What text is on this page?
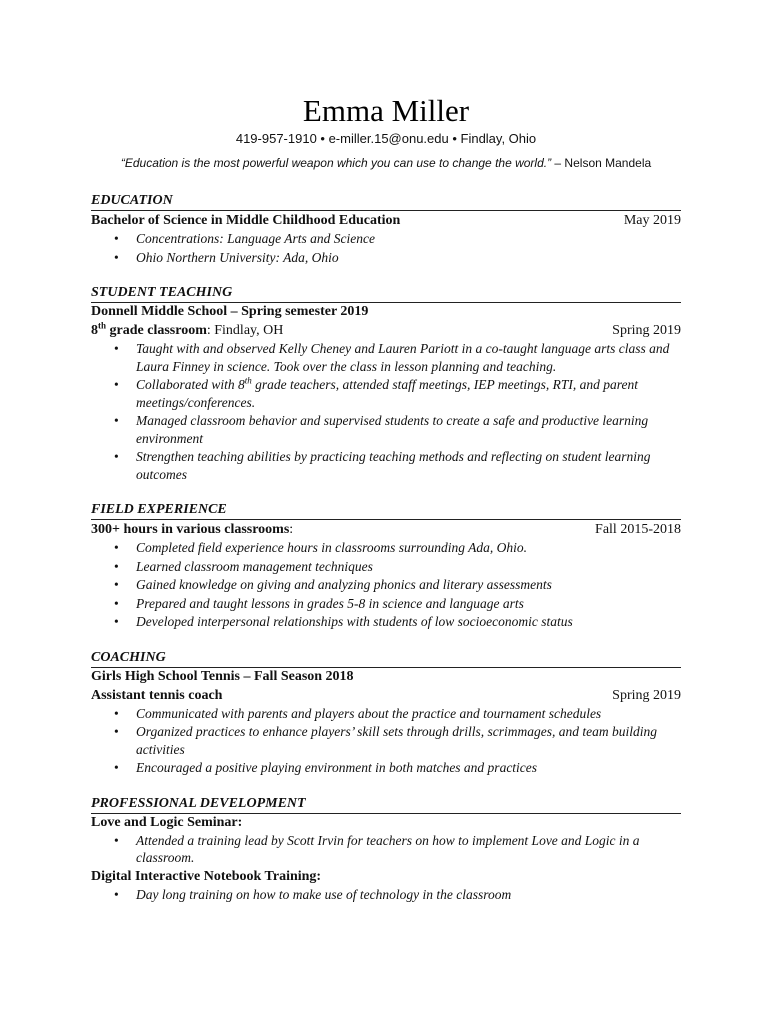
Emma Miller
419-957-1910 • e-miller.15@onu.edu • Findlay, Ohio
“Education is the most powerful weapon which you can use to change the world.” – Nelson Mandela
EDUCATION
Bachelor of Science in Middle Childhood Education	May 2019
• Concentrations: Language Arts and Science
• Ohio Northern University: Ada, Ohio
STUDENT TEACHING
Donnell Middle School – Spring semester 2019
8th grade classroom: Findlay, OH	Spring 2019
• Taught with and observed Kelly Cheney and Lauren Pariott in a co-taught language arts class and Laura Finney in science. Took over the class in lesson planning and teaching.
• Collaborated with 8th grade teachers, attended staff meetings, IEP meetings, RTI, and parent meetings/conferences.
• Managed classroom behavior and supervised students to create a safe and productive learning environment
• Strengthen teaching abilities by practicing teaching methods and reflecting on student learning outcomes
FIELD EXPERIENCE
300+ hours in various classrooms:	Fall 2015-2018
• Completed field experience hours in classrooms surrounding Ada, Ohio.
• Learned classroom management techniques
• Gained knowledge on giving and analyzing phonics and literary assessments
• Prepared and taught lessons in grades 5-8 in science and language arts
• Developed interpersonal relationships with students of low socioeconomic status
COACHING
Girls High School Tennis – Fall Season 2018
Assistant tennis coach	Spring 2019
• Communicated with parents and players about the practice and tournament schedules
• Organized practices to enhance players’ skill sets through drills, scrimmages, and team building activities
• Encouraged a positive playing environment in both matches and practices
PROFESSIONAL DEVELOPMENT
Love and Logic Seminar:
• Attended a training lead by Scott Irvin for teachers on how to implement Love and Logic in a classroom.
Digital Interactive Notebook Training:
• Day long training on how to make use of technology in the classroom
